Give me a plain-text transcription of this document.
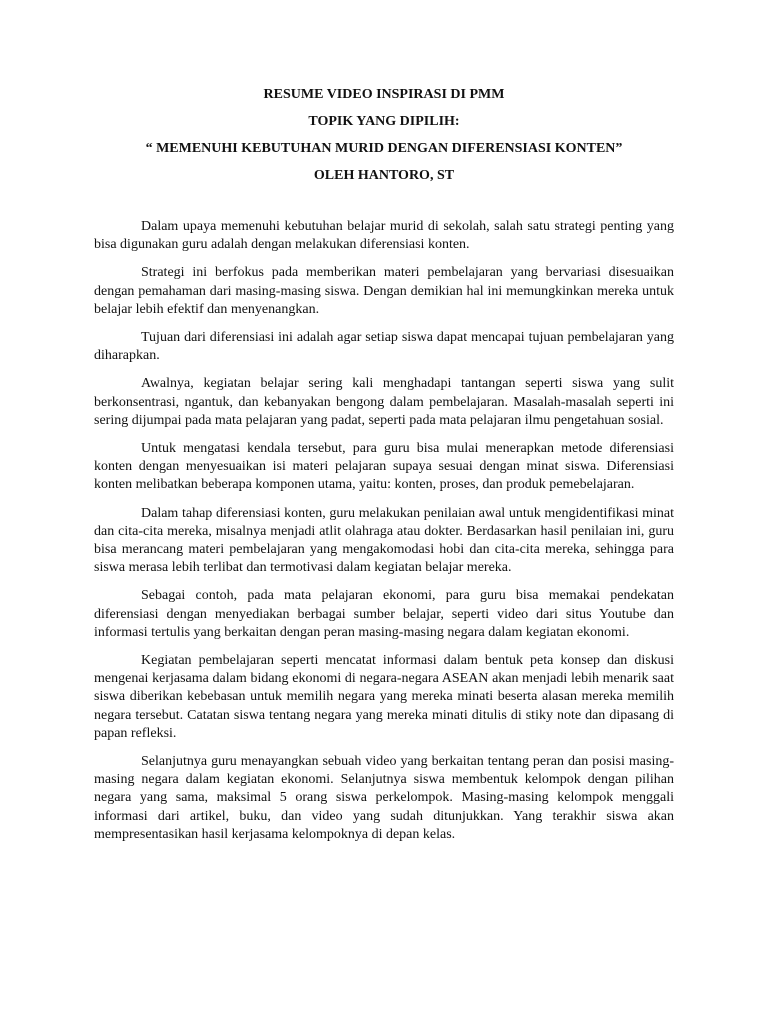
RESUME VIDEO INSPIRASI DI PMM
TOPIK YANG DIPILIH:
“ MEMENUHI KEBUTUHAN MURID DENGAN DIFERENSIASI KONTEN”
OLEH HANTORO, ST

Dalam upaya memenuhi kebutuhan belajar murid di sekolah, salah satu strategi penting yang bisa digunakan guru adalah dengan melakukan diferensiasi konten.

Strategi ini berfokus pada memberikan materi pembelajaran yang bervariasi disesuaikan dengan pemahaman dari masing-masing siswa. Dengan demikian hal ini memungkinkan mereka untuk belajar lebih efektif dan menyenangkan.

Tujuan dari diferensiasi ini adalah agar setiap siswa dapat mencapai tujuan pembelajaran yang diharapkan.

Awalnya, kegiatan belajar sering kali menghadapi tantangan seperti siswa yang sulit berkonsentrasi, ngantuk, dan kebanyakan bengong dalam pembelajaran. Masalah-masalah seperti ini sering dijumpai pada mata pelajaran yang padat, seperti pada mata pelajaran ilmu pengetahuan sosial.

Untuk mengatasi kendala tersebut, para guru bisa mulai menerapkan metode diferensiasi konten dengan menyesuaikan isi materi pelajaran supaya sesuai dengan minat siswa. Diferensiasi konten melibatkan beberapa komponen utama, yaitu: konten, proses, dan produk pemebelajaran.

Dalam tahap diferensiasi konten, guru melakukan penilaian awal untuk mengidentifikasi minat dan cita-cita mereka, misalnya menjadi atlit olahraga atau dokter. Berdasarkan hasil penilaian ini, guru bisa merancang materi pembelajaran yang mengakomodasi hobi dan cita-cita mereka, sehingga para siswa merasa lebih terlibat dan termotivasi dalam kegiatan belajar mereka.

Sebagai contoh, pada mata pelajaran ekonomi, para guru bisa memakai pendekatan diferensiasi dengan menyediakan berbagai sumber belajar, seperti video dari situs Youtube dan informasi tertulis yang berkaitan dengan peran masing-masing negara dalam kegiatan ekonomi.

Kegiatan pembelajaran seperti mencatat informasi dalam bentuk peta konsep dan diskusi mengenai kerjasama dalam bidang ekonomi di negara-negara ASEAN akan menjadi lebih menarik saat siswa diberikan kebebasan untuk memilih negara yang mereka minati beserta alasan mereka memilih negara tersebut. Catatan siswa tentang negara yang mereka minati ditulis di stiky note dan dipasang di papan refleksi.

Selanjutnya guru menayangkan sebuah video yang berkaitan tentang peran dan posisi masing-masing negara dalam kegiatan ekonomi. Selanjutnya siswa membentuk kelompok dengan pilihan negara yang sama, maksimal 5 orang siswa perkelompok. Masing-masing kelompok menggali informasi dari artikel, buku, dan video yang sudah ditunjukkan. Yang terakhir siswa akan mempresentasikan hasil kerjasama kelompoknya di depan kelas.
